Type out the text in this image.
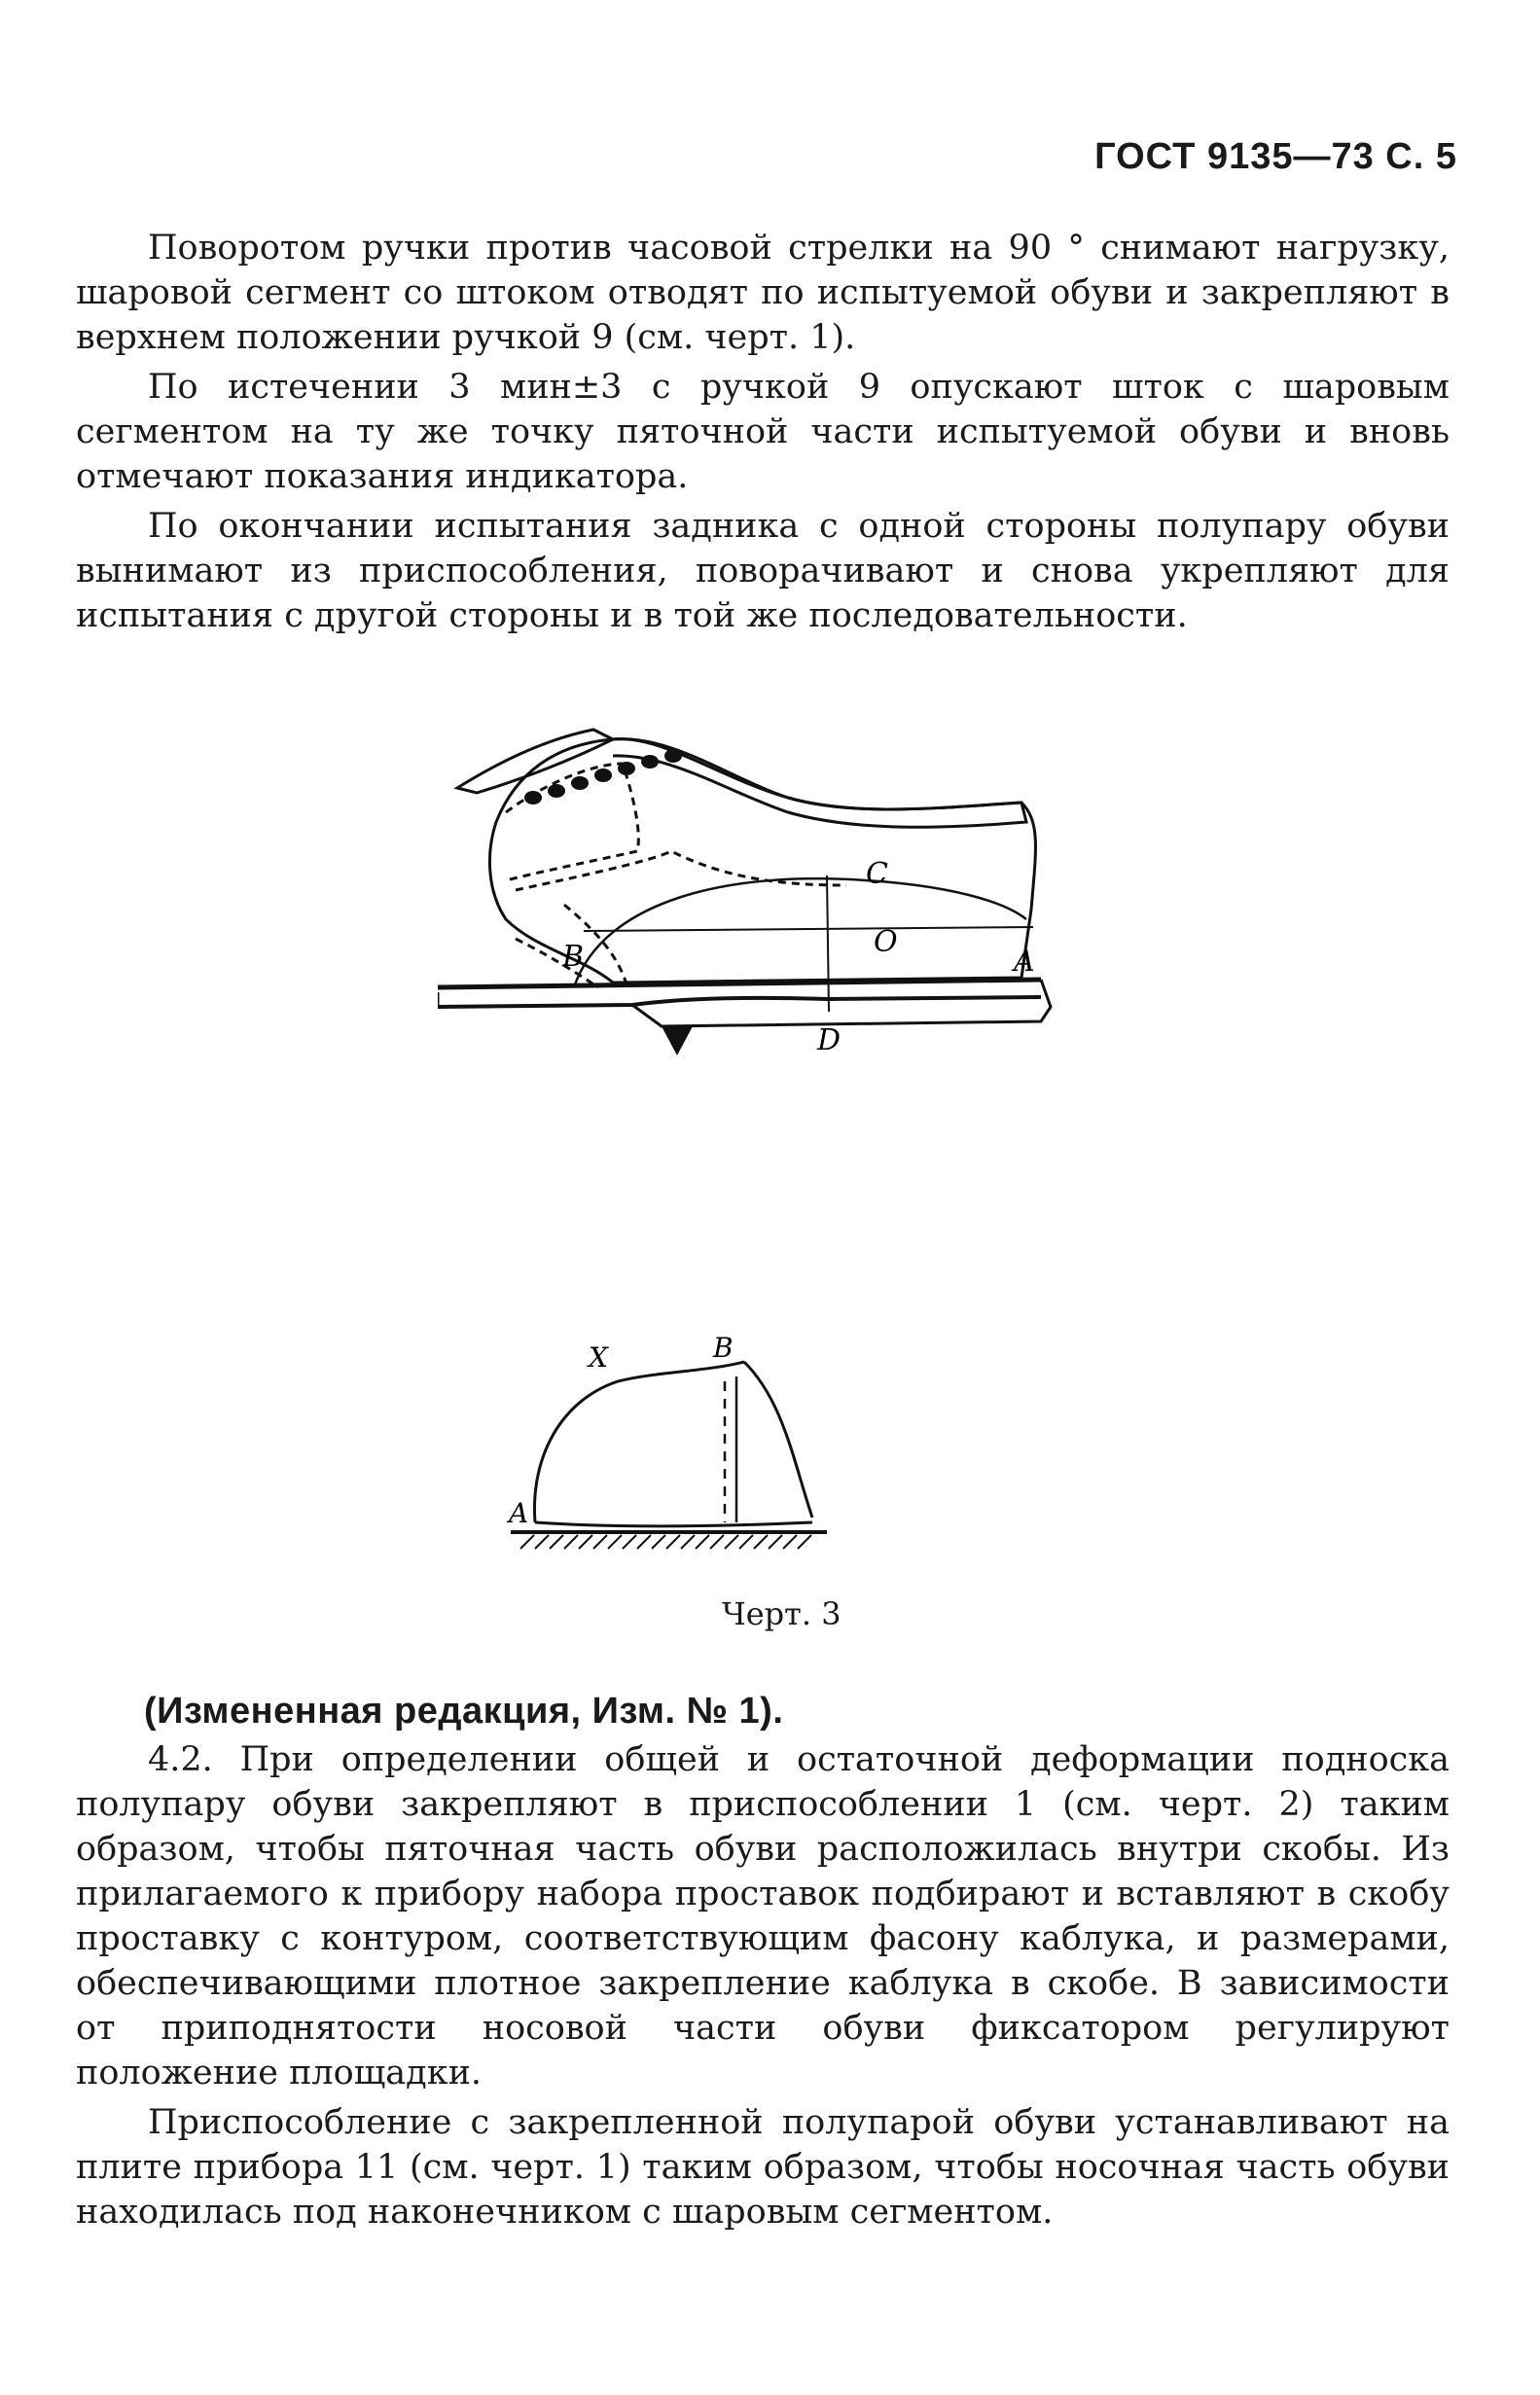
ГОСТ 9135—73 С. 5

Поворотом ручки против часовой стрелки на 90 ° снимают нагрузку, шаровой сегмент со штоком отводят по испытуемой обуви и закрепляют в верхнем положении ручкой 9 (см. черт. 1).

По истечении 3 мин±3 с ручкой 9 опускают шток с шаровым сегментом на ту же точку пяточной части испытуемой обуви и вновь отмечают показания индикатора.

По окончании испытания задника с одной стороны полупару обуви вынимают из приспособления, поворачивают и снова укрепляют для испытания с другой стороны и в той же последовательности.

C
O
B	A
D
X	B
A
Черт. 3
(Измененная редакция, Изм. № 1).

4.2. При определении общей и остаточной деформации подноска полупару обуви закрепляют в приспособлении 1 (см. черт. 2) таким образом, чтобы пяточная часть обуви расположилась внутри скобы. Из прилагаемого к прибору набора проставок подбирают и вставляют в скобу проставку с контуром, соответствующим фасону каблука, и размерами, обеспечивающими плотное закрепление каблука в скобе. В зависимости от приподнятости носовой части обуви фиксатором регулируют положение площадки.

Приспособление с закрепленной полупарой обуви устанавливают на плите прибора 11 (см. черт. 1) таким образом, чтобы носочная часть обуви находилась под наконечником с шаровым сегментом.
